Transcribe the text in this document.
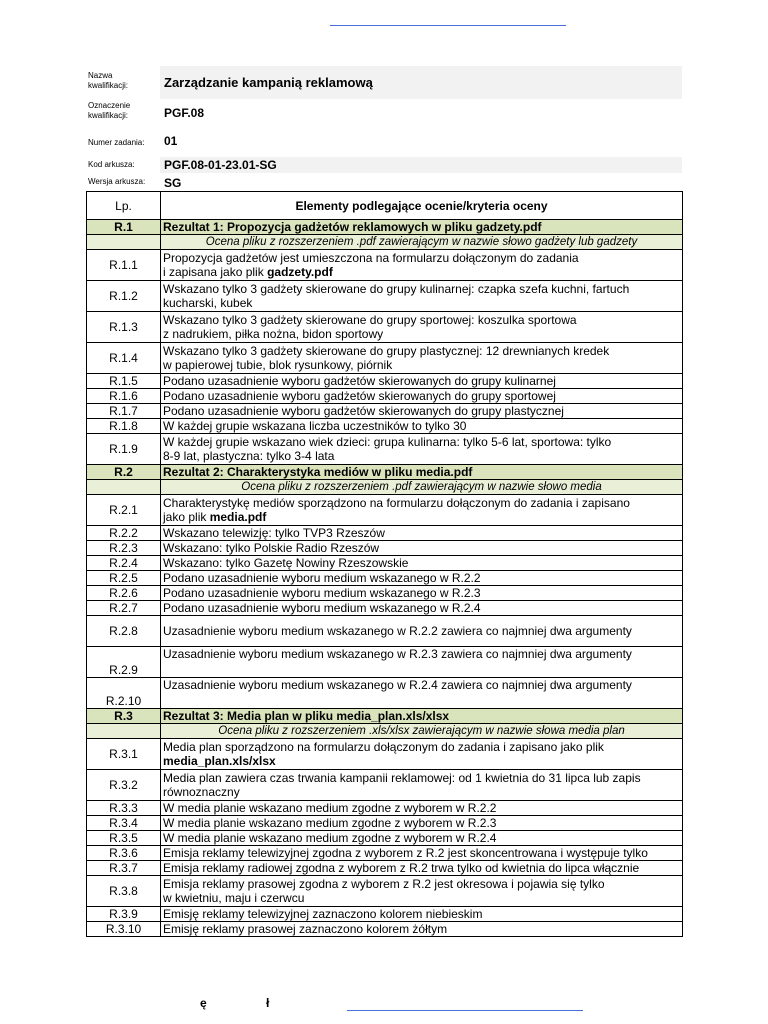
Nazwa kwalifikacji:	Zarządzanie kampanią reklamową
Oznaczenie kwalifikacji:	PGF.08
Numer zadania:	01
Kod arkusza: PGF.08-01-23.01-SG
Wersja arkusza: SG
Lp.	Elementy podlegające ocenie/kryteria oceny
R.1	Rezultat 1: Propozycja gadżetów reklamowych w pliku gadzety.pdf
	Ocena pliku z rozszerzeniem .pdf zawierającym w nazwie słowo gadżety lub gadzety
R.1.1	Propozycja gadżetów jest umieszczona na formularzu dołączonym do zadania
i zapisana jako plik gadzety.pdf
R.1.2	Wskazano tylko 3 gadżety skierowane do grupy kulinarnej: czapka szefa kuchni, fartuch
kucharski, kubek
R.1.3	Wskazano tylko 3 gadżety skierowane do grupy sportowej: koszulka sportowa
z nadrukiem, piłka nożna, bidon sportowy
R.1.4	Wskazano tylko 3 gadżety skierowane do grupy plastycznej: 12 drewnianych kredek
w papierowej tubie, blok rysunkowy, piórnik
R.1.5	Podano uzasadnienie wyboru gadżetów skierowanych do grupy kulinarnej
R.1.6	Podano uzasadnienie wyboru gadżetów skierowanych do grupy sportowej
R.1.7	Podano uzasadnienie wyboru gadżetów skierowanych do grupy plastycznej
R.1.8	W każdej grupie wskazana liczba uczestników to tylko 30
R.1.9	W każdej grupie wskazano wiek dzieci: grupa kulinarna: tylko 5-6 lat, sportowa: tylko
8-9 lat, plastyczna: tylko 3-4 lata
R.2	Rezultat 2: Charakterystyka mediów w pliku media.pdf
	Ocena pliku z rozszerzeniem .pdf zawierającym w nazwie słowo media
R.2.1	Charakterystykę mediów sporządzono na formularzu dołączonym do zadania i zapisano
jako plik media.pdf
R.2.2	Wskazano telewizję: tylko TVP3 Rzeszów
R.2.3	Wskazano: tylko Polskie Radio Rzeszów
R.2.4	Wskazano: tylko Gazetę Nowiny Rzeszowskie
R.2.5	Podano uzasadnienie wyboru medium wskazanego w R.2.2
R.2.6	Podano uzasadnienie wyboru medium wskazanego w R.2.3
R.2.7	Podano uzasadnienie wyboru medium wskazanego w R.2.4
R.2.8	Uzasadnienie wyboru medium wskazanego w R.2.2 zawiera co najmniej dwa argumenty
R.2.9	Uzasadnienie wyboru medium wskazanego w R.2.3 zawiera co najmniej dwa argumenty
R.2.10	Uzasadnienie wyboru medium wskazanego w R.2.4 zawiera co najmniej dwa argumenty
R.3	Rezultat 3: Media plan w pliku media_plan.xls/xlsx
	Ocena pliku z rozszerzeniem .xls/xlsx zawierającym w nazwie słowa media plan
R.3.1	Media plan sporządzono na formularzu dołączonym do zadania i zapisano jako plik
media_plan.xls/xlsx
R.3.2	Media plan zawiera czas trwania kampanii reklamowej: od 1 kwietnia do 31 lipca lub zapis
równoznaczny
R.3.3	W media planie wskazano medium zgodne z wyborem w R.2.2
R.3.4	W media planie wskazano medium zgodne z wyborem w R.2.3
R.3.5	W media planie wskazano medium zgodne z wyborem w R.2.4
R.3.6	Emisja reklamy telewizyjnej zgodna z wyborem z R.2 jest skoncentrowana i występuje tylko
R.3.7	Emisja reklamy radiowej zgodna z wyborem z R.2 trwa tylko od kwietnia do lipca włącznie
R.3.8	Emisja reklamy prasowej zgodna z wyborem z R.2 jest okresowa i pojawia się tylko
w kwietniu, maju i czerwcu
R.3.9	Emisję reklamy telewizyjnej zaznaczono kolorem niebieskim
R.3.10	Emisję reklamy prasowej zaznaczono kolorem żółtym
ę	ł
